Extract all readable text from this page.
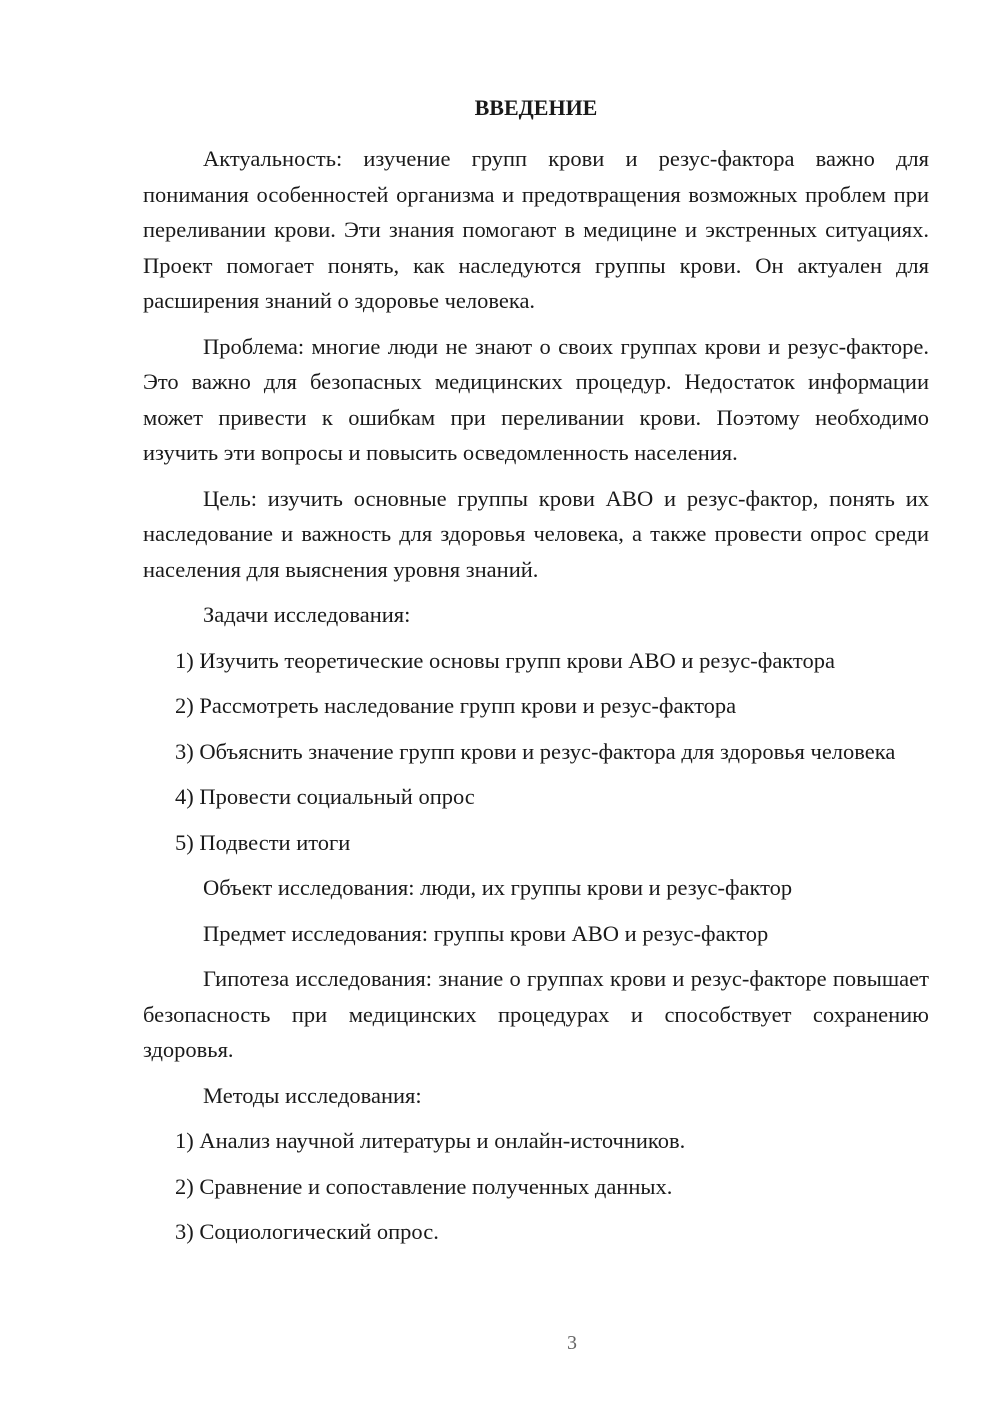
ВВЕДЕНИЕ

Актуальность: изучение групп крови и резус-фактора важно для понимания особенностей организма и предотвращения возможных проблем при переливании крови. Эти знания помогают в медицине и экстренных ситуациях. Проект помогает понять, как наследуются группы крови. Он актуален для расширения знаний о здоровье человека.

Проблема: многие люди не знают о своих группах крови и резус-факторе. Это важно для безопасных медицинских процедур. Недостаток информации может привести к ошибкам при переливании крови. Поэтому необходимо изучить эти вопросы и повысить осведомленность населения.

Цель: изучить основные группы крови АВО и резус-фактор, понять их наследование и важность для здоровья человека, а также провести опрос среди населения для выяснения уровня знаний.

Задачи исследования:

1) Изучить теоретические основы групп крови АВО и резус-фактора

2) Рассмотреть наследование групп крови и резус-фактора

3) Объяснить значение групп крови и резус-фактора для здоровья человека

4) Провести социальный опрос

5) Подвести итоги

Объект исследования: люди, их группы крови и резус-фактор

Предмет исследования: группы крови АВО и резус-фактор

Гипотеза исследования: знание о группах крови и резус-факторе повышает безопасность при медицинских процедурах и способствует сохранению здоровья.

Методы исследования:

1) Анализ научной литературы и онлайн-источников.

2) Сравнение и сопоставление полученных данных.

3) Социологический опрос.

3
